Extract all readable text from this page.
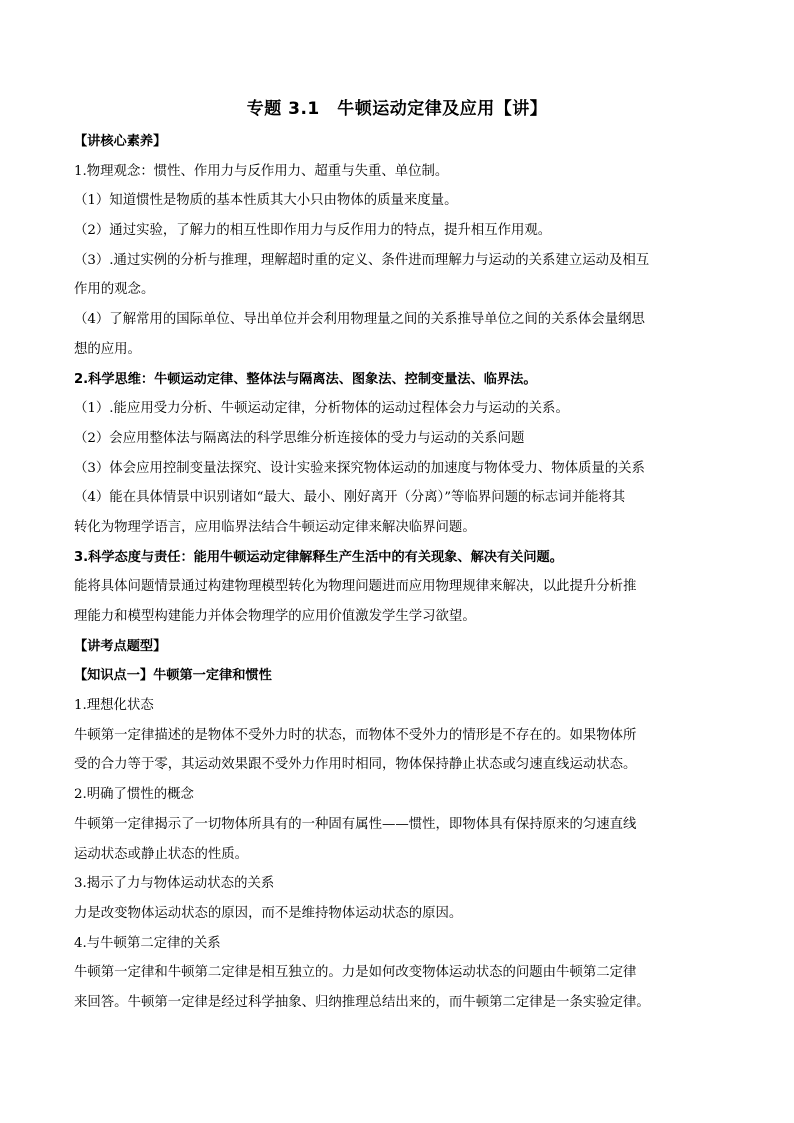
专题 3.1　牛顿运动定律及应用【讲】
【讲核心素养】
1.物理观念：惯性、作用力与反作用力、超重与失重、单位制。
（1）知道惯性是物质的基本性质其大小只由物体的质量来度量。
（2）通过实验，了解力的相互性即作用力与反作用力的特点，提升相互作用观。
（3）.通过实例的分析与推理，理解超时重的定义、条件进而理解力与运动的关系建立运动及相互
作用的观念。
（4）了解常用的国际单位、导出单位并会利用物理量之间的关系推导单位之间的关系体会量纲思
想的应用。
2.科学思维：牛顿运动定律、整体法与隔离法、图象法、控制变量法、临界法。
（1）.能应用受力分析、牛顿运动定律，分析物体的运动过程体会力与运动的关系。
（2）会应用整体法与隔离法的科学思维分析连接体的受力与运动的关系问题
（3）体会应用控制变量法探究、设计实验来探究物体运动的加速度与物体受力、物体质量的关系
（4）能在具体情景中识别诸如“最大、最小、刚好离开（分离）”等临界问题的标志词并能将其
转化为物理学语言，应用临界法结合牛顿运动定律来解决临界问题。
3.科学态度与责任：能用牛顿运动定律解释生产生活中的有关现象、解决有关问题。
能将具体问题情景通过构建物理模型转化为物理问题进而应用物理规律来解决，以此提升分析推
理能力和模型构建能力并体会物理学的应用价值激发学生学习欲望。
【讲考点题型】
【知识点一】牛顿第一定律和惯性
1.理想化状态
牛顿第一定律描述的是物体不受外力时的状态，而物体不受外力的情形是不存在的。如果物体所
受的合力等于零，其运动效果跟不受外力作用时相同，物体保持静止状态或匀速直线运动状态。
2.明确了惯性的概念
牛顿第一定律揭示了一切物体所具有的一种固有属性——惯性，即物体具有保持原来的匀速直线
运动状态或静止状态的性质。
3.揭示了力与物体运动状态的关系
力是改变物体运动状态的原因，而不是维持物体运动状态的原因。
4.与牛顿第二定律的关系
牛顿第一定律和牛顿第二定律是相互独立的。力是如何改变物体运动状态的问题由牛顿第二定律
来回答。牛顿第一定律是经过科学抽象、归纳推理总结出来的，而牛顿第二定律是一条实验定律。
